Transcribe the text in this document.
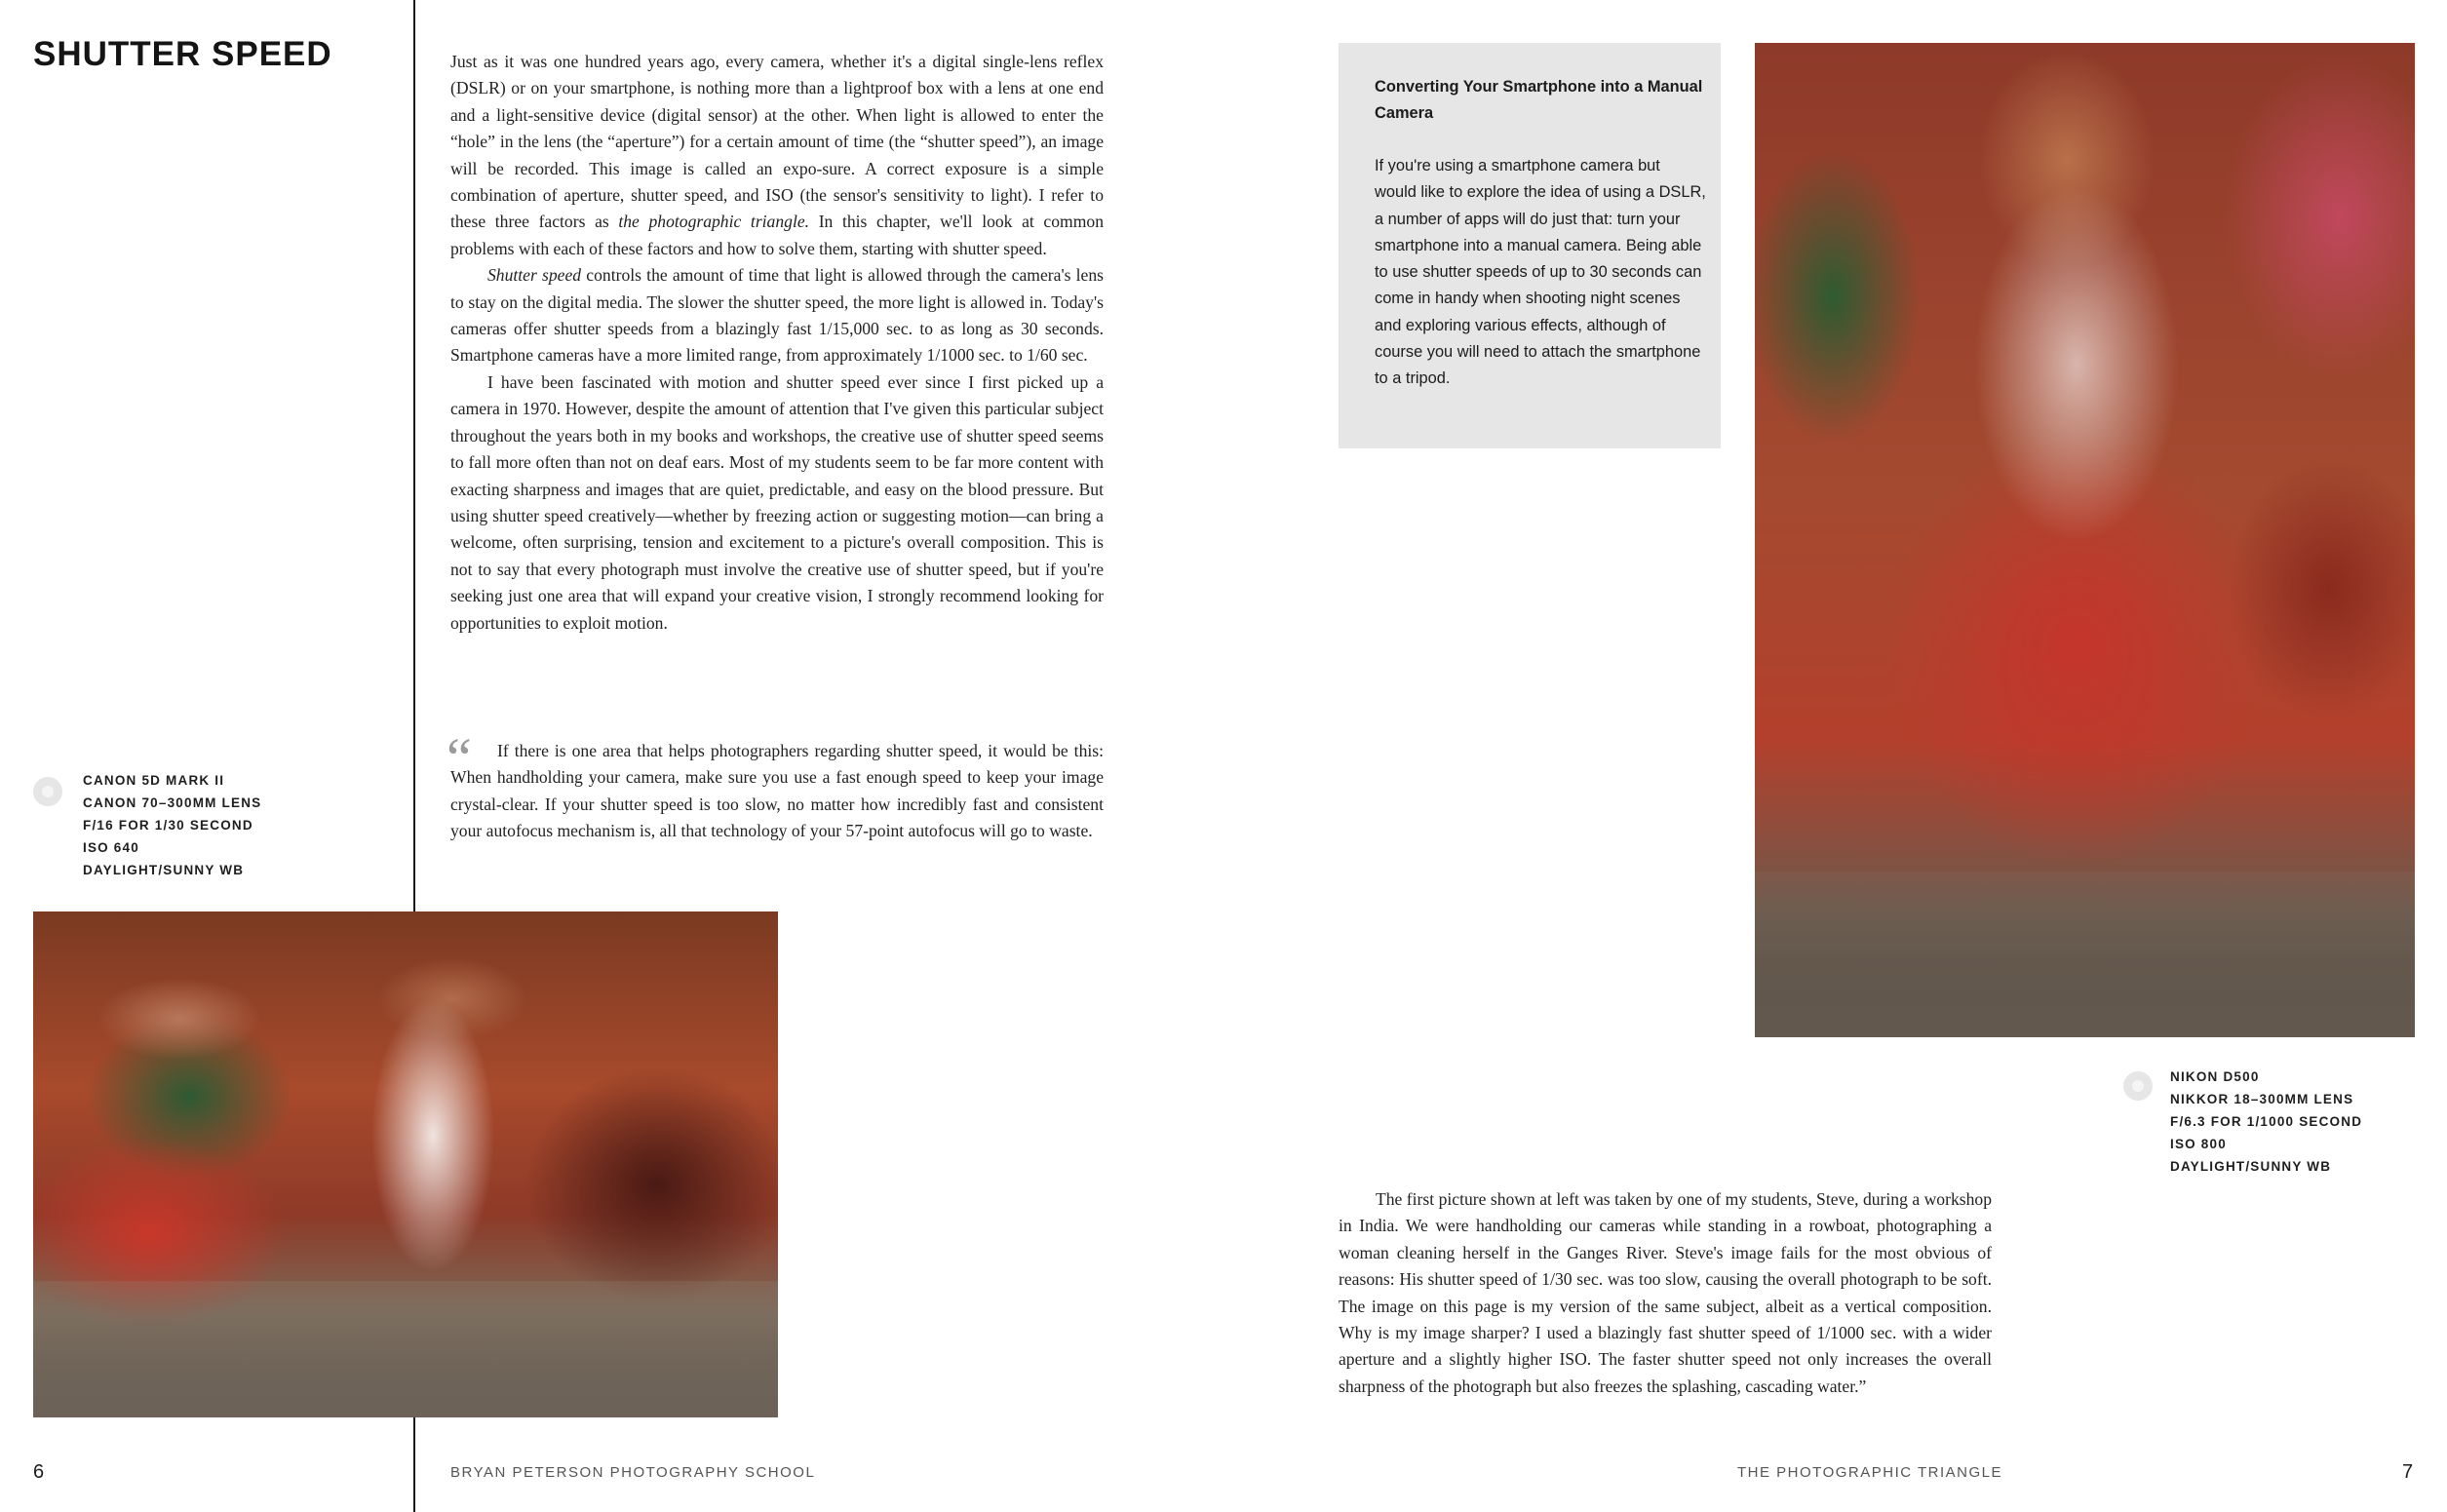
SHUTTER SPEED	Just as it was one hundred years ago, every camera, whether it's a digital single-lens reflex (DSLR) or on your smartphone, is nothing more than a lightproof box with a lens at one end and a light-sensitive device (digital sensor) at the other. When light is allowed to enter the “hole” in the lens (the “aperture”) for a certain amount of time (the “shutter speed”), an image will be recorded. This image is called an expo-sure. A correct exposure is a simple combination of aperture, shutter speed, and ISO (the sensor's sensitivity to light). I refer to these three factors as the photographic triangle. In this chapter, we'll look at common problems with each of these factors and how to solve them, starting with shutter speed.

Shutter speed controls the amount of time that light is allowed through the camera's lens to stay on the digital media. The slower the shutter speed, the more light is allowed in. Today's cameras offer shutter speeds from a blazingly fast 1/15,000 sec. to as long as 30 seconds. Smartphone cameras have a more limited range, from approximately 1/1000 sec. to 1/60 sec.

I have been fascinated with motion and shutter speed ever since I first picked up a camera in 1970. However, despite the amount of attention that I've given this particular subject throughout the years both in my books and workshops, the creative use of shutter speed seems to fall more often than not on deaf ears. Most of my students seem to be far more content with exacting sharpness and images that are quiet, predictable, and easy on the blood pressure. But using shutter speed creatively—whether by freezing action or suggesting motion—can bring a welcome, often surprising, tension and excitement to a picture's overall composition. This is not to say that every photograph must involve the creative use of shutter speed, but if you're seeking just one area that will expand your creative vision, I strongly recommend looking for opportunities to exploit motion.

“	If there is one area that helps photographers regarding shutter speed, it would be this: When handholding your camera, make sure you use a fast enough speed to keep your image crystal-clear. If your shutter speed is too slow, no matter how incredibly fast and consistent your autofocus mechanism is, all that technology of your 57-point autofocus will go to waste.
CANON 5D MARK II
CANON 70–300MM LENS
F/16 FOR 1/30 SECOND
ISO 640
DAYLIGHT/SUNNY WB
6	BRYAN PETERSON PHOTOGRAPHY SCHOOL
Converting Your Smartphone into a Manual Camera
If you're using a smartphone camera but would like to explore the idea of using a DSLR, a number of apps will do just that: turn your smartphone into a manual camera. Being able to use shutter speeds of up to 30 seconds can come in handy when shooting night scenes and exploring various effects, although of course you will need to attach the smartphone to a tripod.
NIKON D500
NIKKOR 18–300MM LENS
F/6.3 FOR 1/1000 SECOND
ISO 800
DAYLIGHT/SUNNY WB

The first picture shown at left was taken by one of my students, Steve, during a workshop in India. We were handholding our cameras while standing in a rowboat, photographing a woman cleaning herself in the Ganges River. Steve's image fails for the most obvious of reasons: His shutter speed of 1/30 sec. was too slow, causing the overall photograph to be soft. The image on this page is my version of the same subject, albeit as a vertical composition. Why is my image sharper? I used a blazingly fast shutter speed of 1/1000 sec. with a wider aperture and a slightly higher ISO. The faster shutter speed not only increases the overall sharpness of the photograph but also freezes the splashing, cascading water.”

THE PHOTOGRAPHIC TRIANGLE	7
